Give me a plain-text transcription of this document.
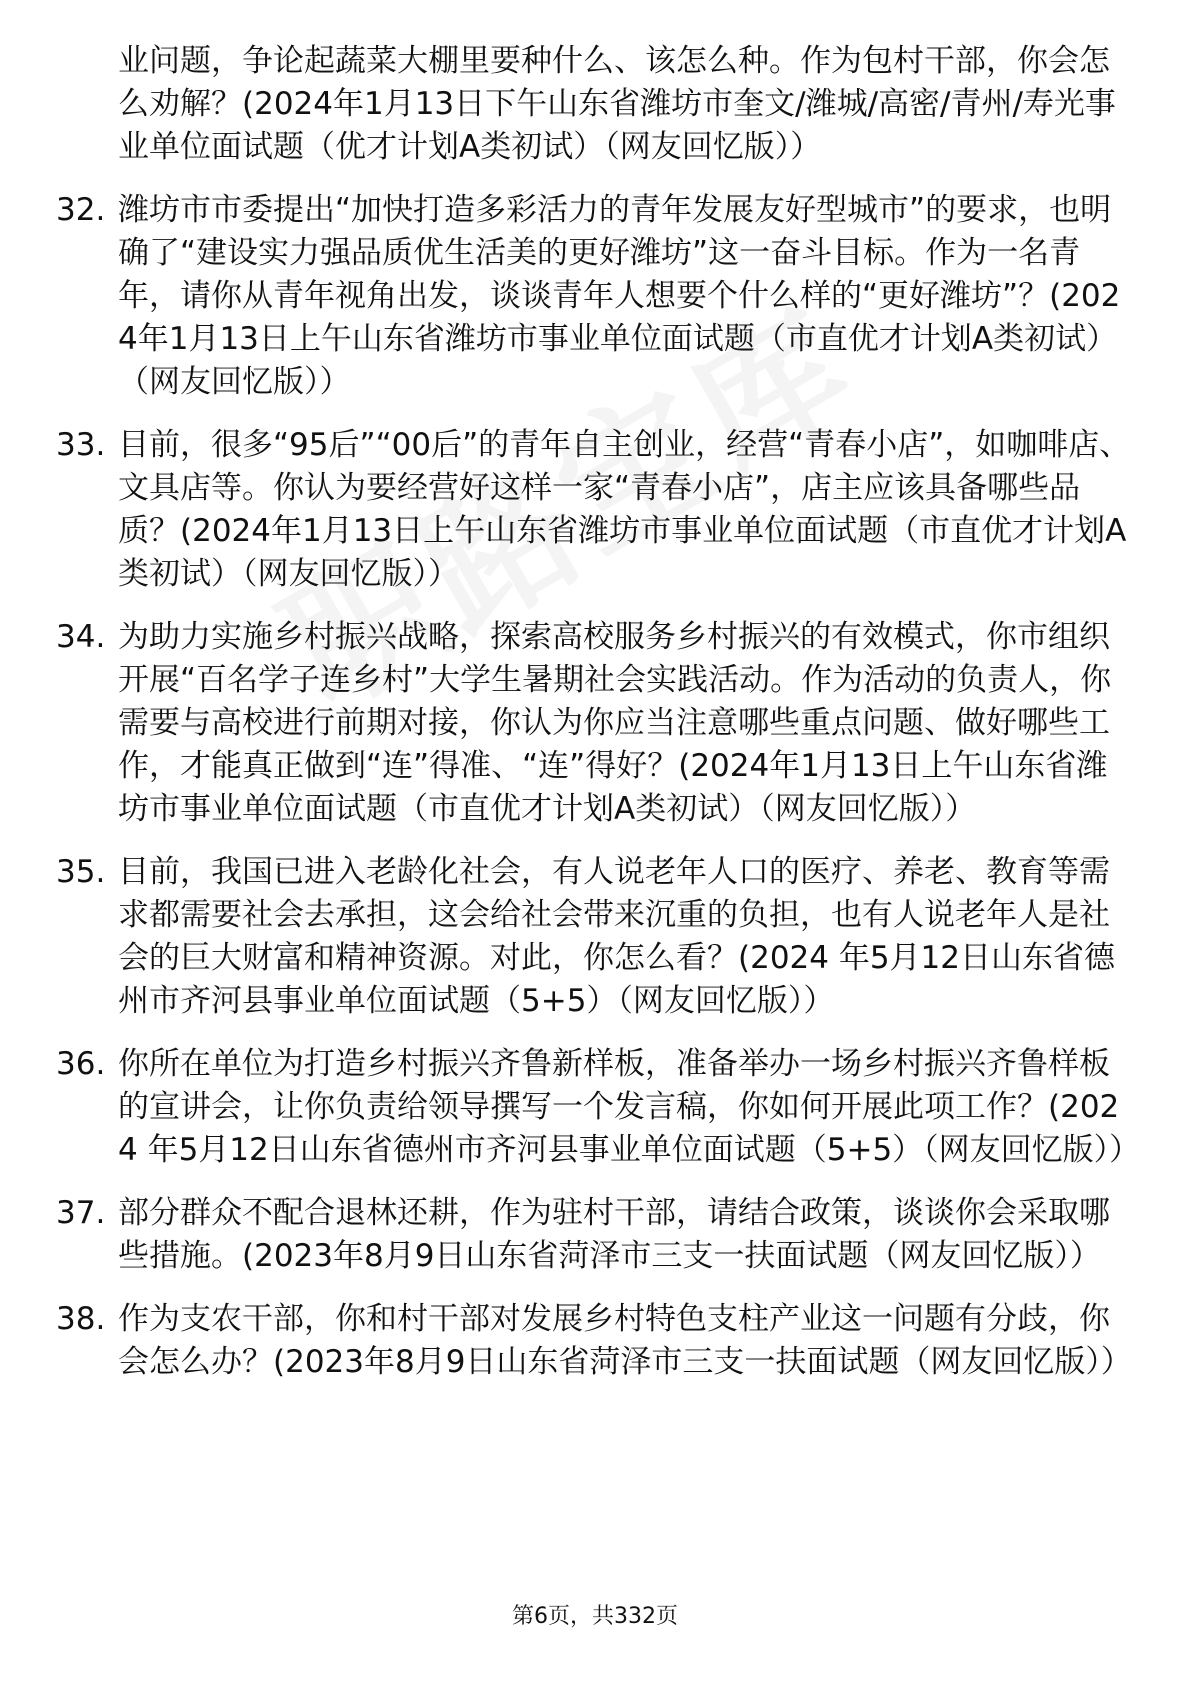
业问题，争论起蔬菜大棚里要种什么、该怎么种。作为包村干部，你会怎么劝解？(2024年1月13日下午山东省潍坊市奎文/潍城/高密/青州/寿光事业单位面试题（优才计划A类初试）（网友回忆版））
32. 潍坊市市委提出“加快打造多彩活力的青年发展友好型城市”的要求，也明确了“建设实力强品质优生活美的更好潍坊”这一奋斗目标。作为一名青年，请你从青年视角出发，谈谈青年人想要个什么样的“更好潍坊”？(2024年1月13日上午山东省潍坊市事业单位面试题（市直优才计划A类初试）（网友回忆版））
33. 目前，很多“95后”“00后”的青年自主创业，经营“青春小店”，如咖啡店、文具店等。你认为要经营好这样一家“青春小店”，店主应该具备哪些品质？(2024年1月13日上午山东省潍坊市事业单位面试题（市直优才计划A类初试）（网友回忆版））
34. 为助力实施乡村振兴战略，探索高校服务乡村振兴的有效模式，你市组织开展“百名学子连乡村”大学生暑期社会实践活动。作为活动的负责人，你需要与高校进行前期对接，你认为你应当注意哪些重点问题、做好哪些工作，才能真正做到“连”得准、“连”得好？(2024年1月13日上午山东省潍坊市事业单位面试题（市直优才计划A类初试）（网友回忆版））
35. 目前，我国已进入老龄化社会，有人说老年人口的医疗、养老、教育等需求都需要社会去承担，这会给社会带来沉重的负担，也有人说老年人是社会的巨大财富和精神资源。对此，你怎么看？(2024 年5月12日山东省德州市齐河县事业单位面试题（5+5）（网友回忆版））
36. 你所在单位为打造乡村振兴齐鲁新样板，准备举办一场乡村振兴齐鲁样板的宣讲会，让你负责给领导撰写一个发言稿，你如何开展此项工作？(2024 年5月12日山东省德州市齐河县事业单位面试题（5+5）（网友回忆版））
37. 部分群众不配合退林还耕，作为驻村干部，请结合政策，谈谈你会采取哪些措施。(2023年8月9日山东省菏泽市三支一扶面试题（网友回忆版））
38. 作为支农干部，你和村干部对发展乡村特色支柱产业这一问题有分歧，你会怎么办？(2023年8月9日山东省菏泽市三支一扶面试题（网友回忆版））
第6页，共332页
